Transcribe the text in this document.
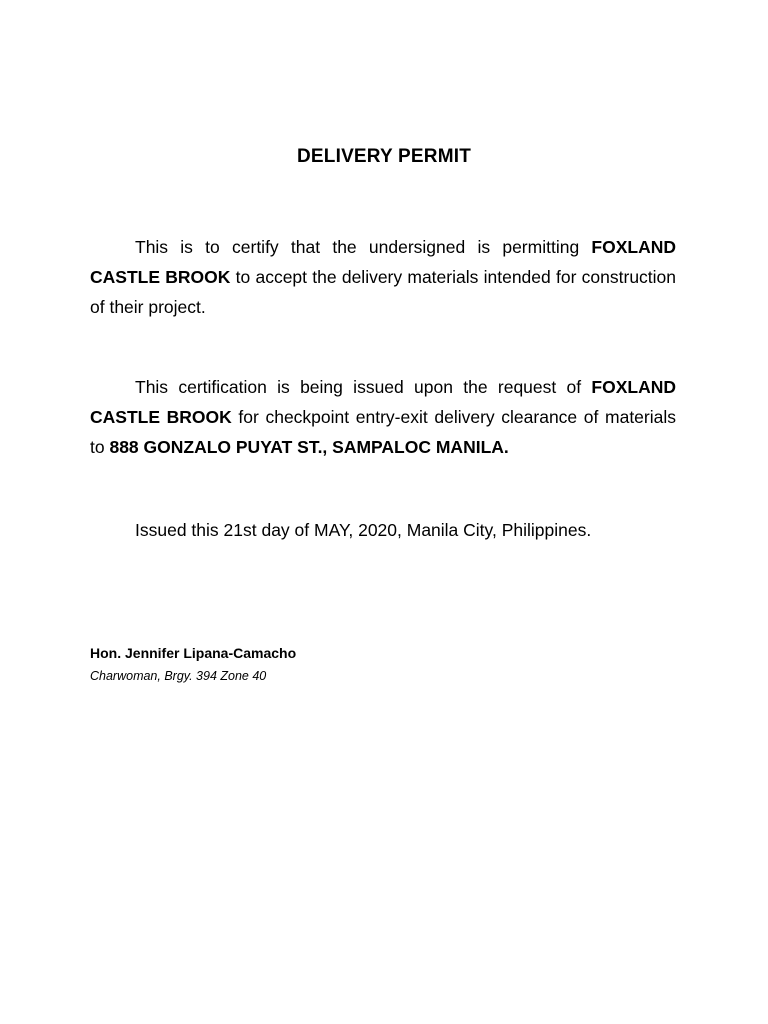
DELIVERY PERMIT

This is to certify that the undersigned is permitting FOXLAND CASTLE BROOK to accept the delivery materials intended for construction of their project.

This certification is being issued upon the request of FOXLAND CASTLE BROOK for checkpoint entry-exit delivery clearance of materials to 888 GONZALO PUYAT ST., SAMPALOC MANILA.

Issued this 21st day of MAY, 2020, Manila City, Philippines.

Hon. Jennifer Lipana-Camacho
Charwoman, Brgy. 394 Zone 40
